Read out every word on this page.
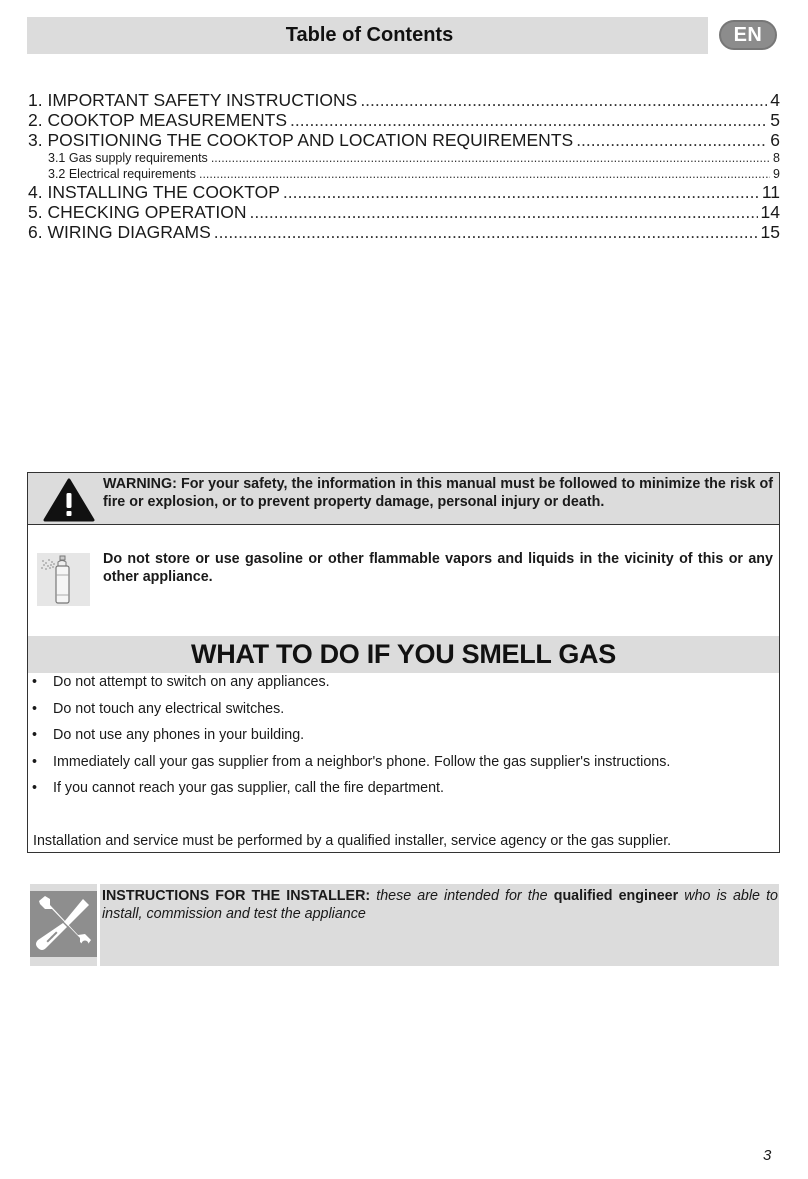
Table of Contents	EN
1. IMPORTANT SAFETY INSTRUCTIONS .....	4
2. COOKTOP MEASUREMENTS .....	5
3. POSITIONING THE COOKTOP AND LOCATION REQUIREMENTS .....	6
3.1 Gas supply requirements .....	8
3.2 Electrical requirements .....	9
4. INSTALLING THE COOKTOP .....	11
5. CHECKING OPERATION .....	14
6. WIRING DIAGRAMS .....	15
WARNING: For your safety, the information in this manual must be followed to minimize the risk of fire or explosion, or to prevent property damage, personal injury or death.
Do not store or use gasoline or other flammable vapors and liquids in the vicinity of this or any other appliance.
WHAT TO DO IF YOU SMELL GAS
• Do not attempt to switch on any appliances.
• Do not touch any electrical switches.
• Do not use any phones in your building.
• Immediately call your gas supplier from a neighbor's phone. Follow the gas supplier's instructions.
• If you cannot reach your gas supplier, call the fire department.
Installation and service must be performed by a qualified installer, service agency or the gas supplier.
INSTRUCTIONS FOR THE INSTALLER: these are intended for the qualified engineer who is able to install, commission and test the appliance
3
